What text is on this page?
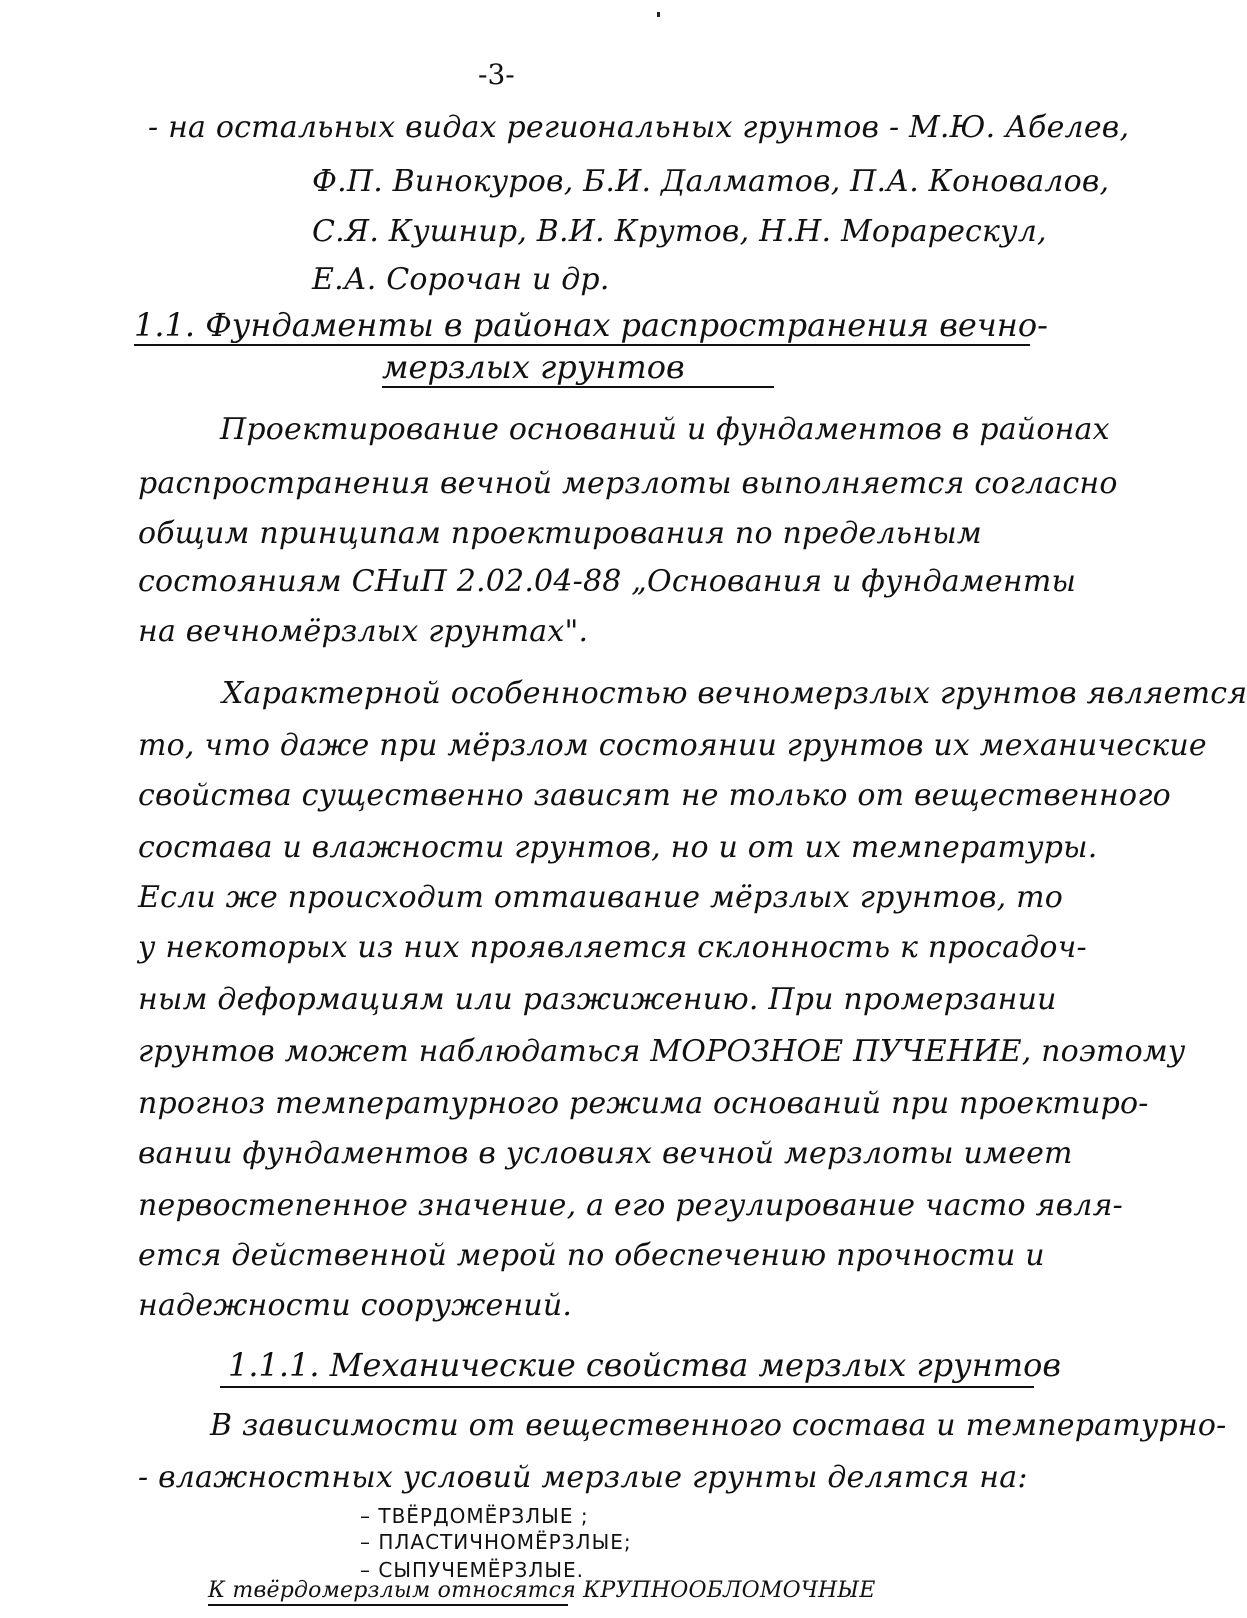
-3-
- на остальных видах региональных грунтов - М.Ю. Абелев,
Ф.П. Винокуров, Б.И. Далматов, П.А. Коновалов,
С.Я. Кушнир, В.И. Крутов, Н.Н. Морарескул,
Е.А. Сорочан и др.
1.1. Фундаменты в районах распространения вечно-
мерзлых грунтов
Проектирование оснований и фундаментов в районах
распространения вечной мерзлоты выполняется согласно
общим принципам проектирования по предельным
состояниям СНиП 2.02.04-88 „Основания и фундаменты
на вечномёрзлых грунтах".
Характерной особенностью вечномерзлых грунтов является
то, что даже при мёрзлом состоянии грунтов их механические
свойства существенно зависят не только от вещественного
состава и влажности грунтов, но и от их температуры.
Если же происходит оттаивание мёрзлых грунтов, то
у некоторых из них проявляется склонность к просадоч-
ным деформациям или разжижению. При промерзании
грунтов может наблюдаться МОРОЗНОЕ ПУЧЕНИЕ, поэтому
прогноз температурного режима оснований при проектиро-
вании фундаментов в условиях вечной мерзлоты имеет
первостепенное значение, а его регулирование часто явля-
ется действенной мерой по обеспечению прочности и
надежности сооружений.
1.1.1. Механические свойства мерзлых грунтов
В зависимости от вещественного состава и температурно-
- влажностных условий мерзлые грунты делятся на:
– ТВЁРДОМЁРЗЛЫЕ ;
– ПЛАСТИЧНОМЁРЗЛЫЕ;
– СЫПУЧЕМЁРЗЛЫЕ.
К твёрдомерзлым относятся КРУПНООБЛОМОЧНЫЕ
